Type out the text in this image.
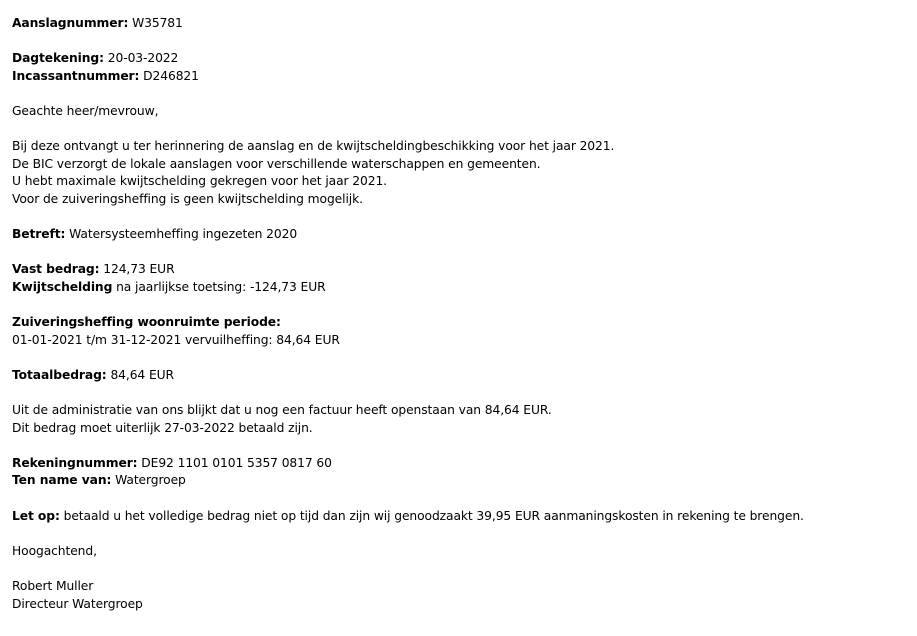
Aanslagnummer: W35781
Dagtekening: 20-03-2022
Incassantnummer: D246821
Geachte heer/mevrouw,
Bij deze ontvangt u ter herinnering de aanslag en de kwijtscheldingbeschikking voor het jaar 2021.
De BIC verzorgt de lokale aanslagen voor verschillende waterschappen en gemeenten.
U hebt maximale kwijtschelding gekregen voor het jaar 2021.
Voor de zuiveringsheffing is geen kwijtschelding mogelijk.
Betreft: Watersysteemheffing ingezeten 2020
Vast bedrag: 124,73 EUR
Kwijtschelding na jaarlijkse toetsing: -124,73 EUR
Zuiveringsheffing woonruimte periode:
01-01-2021 t/m 31-12-2021 vervuilheffing: 84,64 EUR
Totaalbedrag: 84,64 EUR
Uit de administratie van ons blijkt dat u nog een factuur heeft openstaan van 84,64 EUR.
Dit bedrag moet uiterlijk 27-03-2022 betaald zijn.
Rekeningnummer: DE92 1101 0101 5357 0817 60
Ten name van: Watergroep
Let op: betaald u het volledige bedrag niet op tijd dan zijn wij genoodzaakt 39,95 EUR aanmaningskosten in rekening te brengen.
Hoogachtend,
Robert Muller
Directeur Watergroep
